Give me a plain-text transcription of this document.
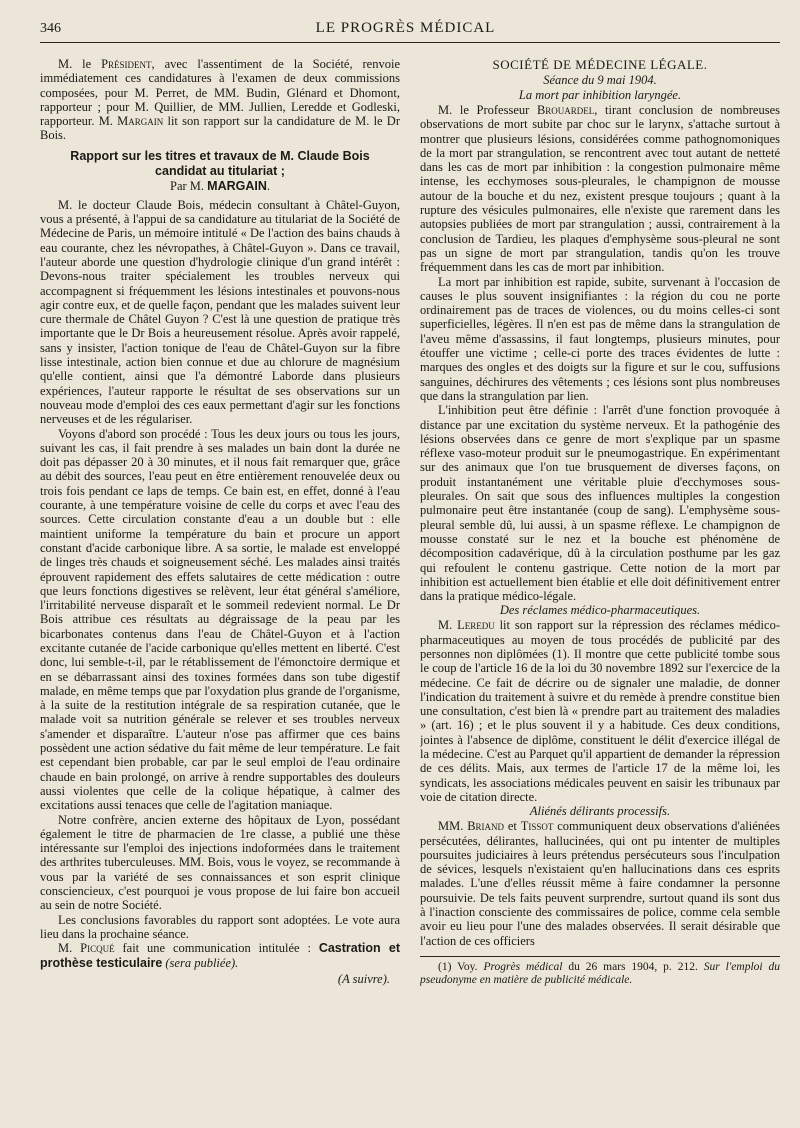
346	LE PROGRÈS MÉDICAL

M. le Président, avec l'assentiment de la Société, renvoie immédiatement ces candidatures à l'examen de deux commissions composées, pour M. Perret, de MM. Budin, Glénard et Dhomont, rapporteur ; pour M. Quillier, de MM. Jullien, Leredde et Godleski, rapporteur. M. Margain lit son rapport sur la candidature de M. le Dr Bois.

Rapport sur les titres et travaux de M. Claude Bois
candidat au titulariat ;
Par M. MARGAIN.

M. le docteur Claude Bois, médecin consultant à Châtel-Guyon, vous a présenté, à l'appui de sa candidature au titulariat de la Société de Médecine de Paris, un mémoire intitulé « De l'action des bains chauds à eau courante, chez les névropathes, à Châtel-Guyon ». Dans ce travail, l'auteur aborde une question d'hydrologie clinique d'un grand intérêt : Devons-nous traiter spécialement les troubles nerveux qui accompagnent si fréquemment les lésions intestinales et pouvons-nous agir contre eux, et de quelle façon, pendant que les malades suivent leur cure thermale de Châtel Guyon ? C'est là une question de pratique très importante que le Dr Bois a heureusement résolue. Après avoir rappelé, sans y insister, l'action tonique de l'eau de Châtel-Guyon sur la fibre lisse intestinale, action bien connue et due au chlorure de magnésium qu'elle contient, ainsi que l'a démontré Laborde dans plusieurs expériences, l'auteur rapporte le résultat de ses observations sur un nouveau mode d'emploi des ces eaux permettant d'agir sur les fonctions nerveuses et de les régulariser.

Voyons d'abord son procédé : Tous les deux jours ou tous les jours, suivant les cas, il fait prendre à ses malades un bain dont la durée ne doit pas dépasser 20 à 30 minutes, et il nous fait remarquer que, grâce au débit des sources, l'eau peut en être entièrement renouvelée deux ou trois fois pendant ce laps de temps. Ce bain est, en effet, donné à l'eau courante, à une température voisine de celle du corps et avec l'eau des sources. Cette circulation constante d'eau a un double but : elle maintient uniforme la température du bain et procure un apport constant d'acide carbonique libre. A sa sortie, le malade est enveloppé de linges très chauds et soigneusement séché. Les malades ainsi traités éprouvent rapidement des effets salutaires de cette médication : outre que leurs fonctions digestives se relèvent, leur état général s'améliore, l'irritabilité nerveuse disparaît et le sommeil redevient normal. Le Dr Bois attribue ces résultats au dégraissage de la peau par les bicarbonates contenus dans l'eau de Châtel-Guyon et à l'action excitante cutanée de l'acide carbonique qu'elles mettent en liberté. C'est donc, lui semble-t-il, par le rétablissement de l'émonctoire dermique et en se débarrassant ainsi des toxines formées dans son tube digestif malade, en même temps que par l'oxydation plus grande de l'organisme, à la suite de la restitution intégrale de sa respiration cutanée, que le malade voit sa nutrition générale se relever et ses troubles nerveux s'amender et disparaître. L'auteur n'ose pas affirmer que ces bains possèdent une action sédative du fait même de leur température. Le fait est cependant bien probable, car par le seul emploi de l'eau ordinaire chaude en bain prolongé, on arrive à rendre supportables des douleurs aussi violentes que celle de la colique hépatique, à calmer des excitations aussi tenaces que celle de l'agitation maniaque.

Notre confrère, ancien externe des hôpitaux de Lyon, possédant également le titre de pharmacien de 1re classe, a publié une thèse intéressante sur l'emploi des injections indoformées dans le traitement des arthrites tuberculeuses. MM. Bois, vous le voyez, se recommande à vous par la variété de ses connaissances et son esprit clinique consciencieux, c'est pourquoi je vous propose de lui faire bon accueil au sein de notre Société.

Les conclusions favorables du rapport sont adoptées. Le vote aura lieu dans la prochaine séance.

M. Picqué fait une communication intitulée : Castration et prothèse testiculaire (sera publiée).

(A suivre).
SOCIÉTÉ DE MÉDECINE LÉGALE.
Séance du 9 mai 1904.
La mort par inhibition laryngée.

M. le Professeur Brouardel, tirant conclusion de nombreuses observations de mort subite par choc sur le larynx, s'attache surtout à montrer que plusieurs lésions, considérées comme pathognomoniques de la mort par strangulation, se rencontrent avec tout autant de netteté dans les cas de mort par inhibition : la congestion pulmonaire même intense, les ecchymoses sous-pleurales, le champignon de mousse autour de la bouche et du nez, existent presque toujours ; quant à la rupture des vésicules pulmonaires, elle n'existe que rarement dans les autopsies publiées de mort par strangulation ; aussi, contrairement à la conclusion de Tardieu, les plaques d'emphysème sous-pleural ne sont pas un signe de mort par strangulation, tandis qu'on les trouve fréquemment dans les cas de mort par inhibition.

La mort par inhibition est rapide, subite, survenant à l'occasion de causes le plus souvent insignifiantes : la région du cou ne porte ordinairement pas de traces de violences, ou du moins celles-ci sont superficielles, légères. Il n'en est pas de même dans la strangulation de l'aveu même d'assassins, il faut longtemps, plusieurs minutes, pour étouffer une victime ; celle-ci porte des traces évidentes de lutte : marques des ongles et des doigts sur la figure et sur le cou, suffusions sanguines, déchirures des vêtements ; ces lésions sont plus nombreuses que dans la strangulation par lien.

L'inhibition peut être définie : l'arrêt d'une fonction provoquée à distance par une excitation du système nerveux. Et la pathogénie des lésions observées dans ce genre de mort s'explique par un spasme réflexe vaso-moteur produit sur le pneumogastrique. En expérimentant sur des animaux que l'on tue brusquement de diverses façons, on produit instantanément une véritable pluie d'ecchymoses sous-pleurales. On sait que sous des influences multiples la congestion pulmonaire peut être instantanée (coup de sang). L'emphysème sous-pleural semble dû, lui aussi, à un spasme réflexe. Le champignon de mousse constaté sur le nez et la bouche est phénomène de décomposition cadavérique, dû à la circulation posthume par les gaz qui refoulent le contenu gastrique. Cette notion de la mort par inhibition est actuellement bien établie et elle doit définitivement entrer dans la pratique médico-légale.

Des réclames médico-pharmaceutiques.

M. Leredu lit son rapport sur la répression des réclames médico-pharmaceutiques au moyen de tous procédés de publicité par des personnes non diplômées (1). Il montre que cette publicité tombe sous le coup de l'article 16 de la loi du 30 novembre 1892 sur l'exercice de la médecine. Ce fait de décrire ou de signaler une maladie, de donner l'indication du traitement à suivre et du remède à prendre constitue bien une consultation, c'est bien là « prendre part au traitement des maladies » (art. 16) ; et le plus souvent il y a habitude. Ces deux conditions, jointes à l'absence de diplôme, constituent le délit d'exercice illégal de la médecine. C'est au Parquet qu'il appartient de demander la répression de ces délits. Mais, aux termes de l'article 17 de la même loi, les syndicats, les associations médicales peuvent en saisir les tribunaux par voie de citation directe.

Aliénés délirants processifs.

MM. Briand et Tissot communiquent deux observations d'aliénées persécutées, délirantes, hallucinées, qui ont pu intenter de multiples poursuites judiciaires à leurs prétendus persécuteurs sous l'inculpation de sévices, lesquels n'existaient qu'en hallucinations dans ces esprits malades. L'une d'elles réussit même à faire condamner la personne poursuivie. De tels faits peuvent surprendre, surtout quand ils sont dus à l'inaction consciente des commissaires de police, comme cela semble avoir eu lieu pour l'une des malades observées. Il serait désirable que l'action de ces officiers

(1) Voy. Progrès médical du 26 mars 1904, p. 212. Sur l'emploi du pseudonyme en matière de publicité médicale.
